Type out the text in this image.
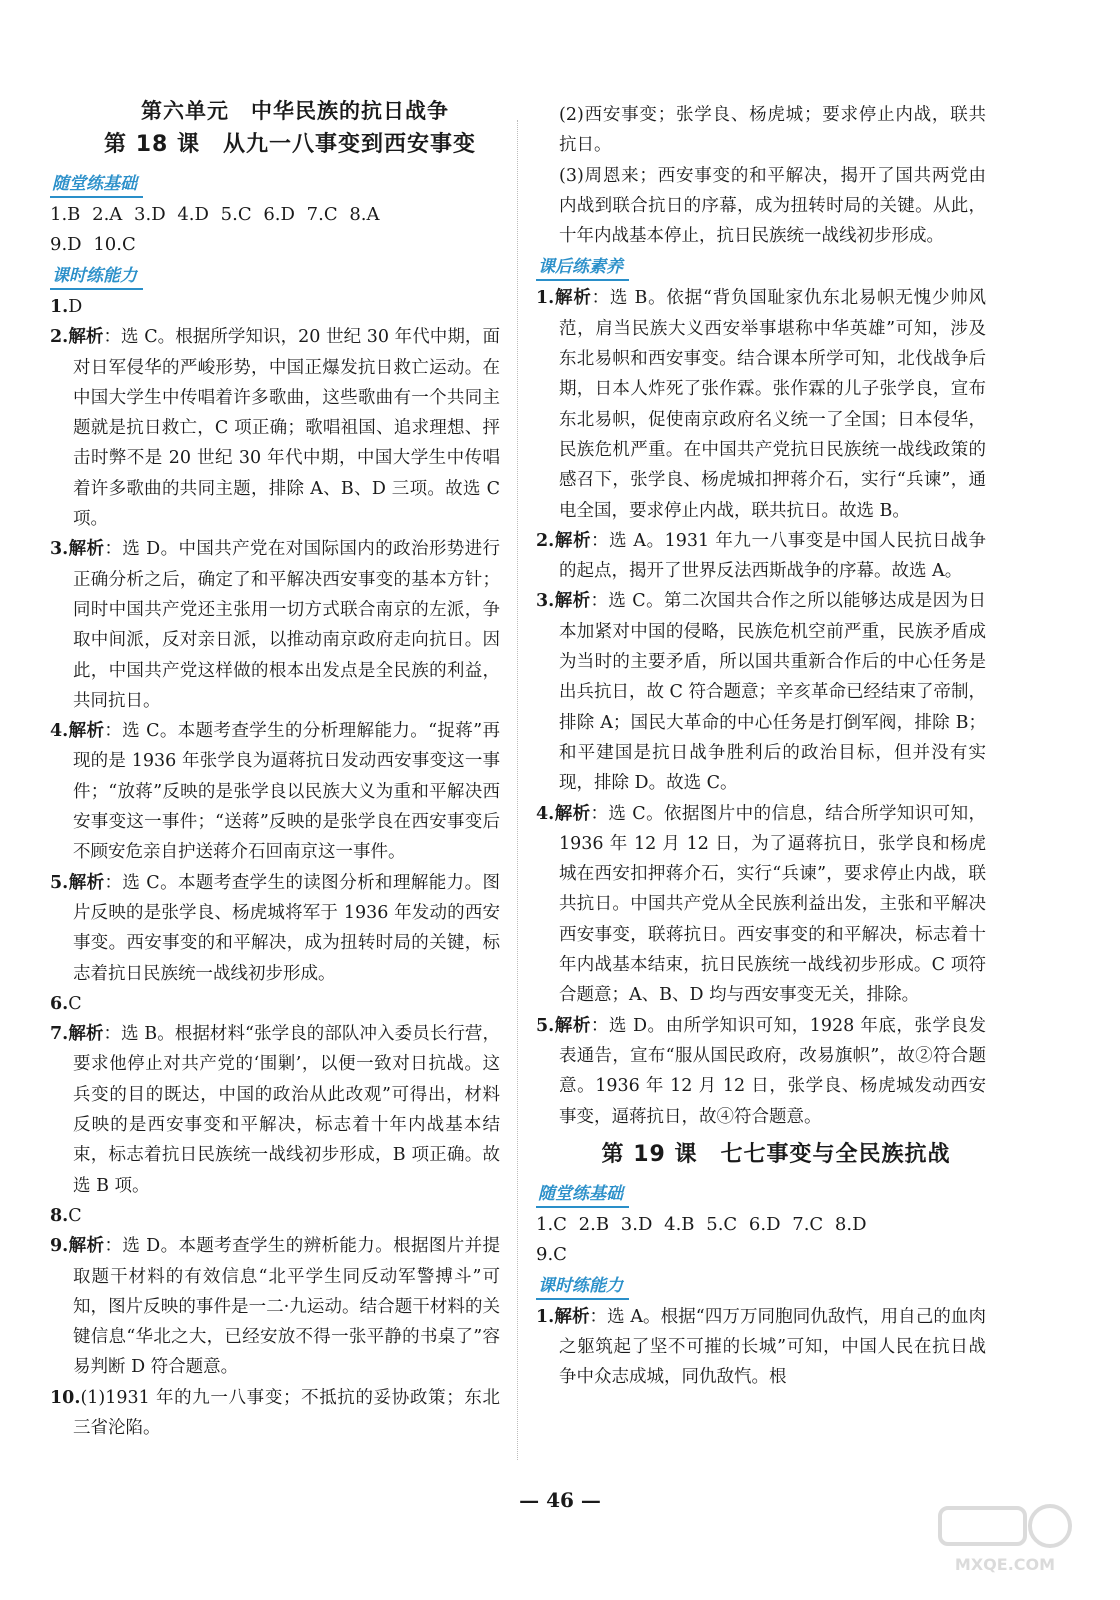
第六单元　中华民族的抗日战争
第 18 课　从九一八事变到西安事变
随堂练基础
1.B 2.A 3.D 4.D 5.C 6.D 7.C 8.A
9.D 10.C
课时练能力
1.D
2.解析：选 C。根据所学知识，20 世纪 30 年代中期，面对日军侵华的严峻形势，中国正爆发抗日救亡运动。在中国大学生中传唱着许多歌曲，这些歌曲有一个共同主题就是抗日救亡，C 项正确；歌唱祖国、追求理想、抨击时弊不是 20 世纪 30 年代中期，中国大学生中传唱着许多歌曲的共同主题，排除 A、B、D 三项。故选 C 项。
3.解析：选 D。中国共产党在对国际国内的政治形势进行正确分析之后，确定了和平解决西安事变的基本方针；同时中国共产党还主张用一切方式联合南京的左派，争取中间派，反对亲日派，以推动南京政府走向抗日。因此，中国共产党这样做的根本出发点是全民族的利益，共同抗日。
4.解析：选 C。本题考查学生的分析理解能力。“捉蒋”再现的是 1936 年张学良为逼蒋抗日发动西安事变这一事件；“放蒋”反映的是张学良以民族大义为重和平解决西安事变这一事件；“送蒋”反映的是张学良在西安事变后不顾安危亲自护送蒋介石回南京这一事件。
5.解析：选 C。本题考查学生的读图分析和理解能力。图片反映的是张学良、杨虎城将军于 1936 年发动的西安事变。西安事变的和平解决，成为扭转时局的关键，标志着抗日民族统一战线初步形成。
6.C
7.解析：选 B。根据材料“张学良的部队冲入委员长行营，要求他停止对共产党的‘围剿’，以便一致对日抗战。这兵变的目的既达，中国的政治从此改观”可得出，材料反映的是西安事变和平解决，标志着十年内战基本结束，标志着抗日民族统一战线初步形成，B 项正确。故选 B 项。
8.C
9.解析：选 D。本题考查学生的辨析能力。根据图片并提取题干材料的有效信息“北平学生同反动军警搏斗”可知，图片反映的事件是一二·九运动。结合题干材料的关键信息“华北之大，已经安放不得一张平静的书桌了”容易判断 D 符合题意。
10.(1)1931 年的九一八事变；不抵抗的妥协政策；东北三省沦陷。
(2)西安事变；张学良、杨虎城；要求停止内战，联共抗日。
(3)周恩来；西安事变的和平解决，揭开了国共两党由内战到联合抗日的序幕，成为扭转时局的关键。从此，十年内战基本停止，抗日民族统一战线初步形成。
课后练素养
1.解析：选 B。依据“背负国耻家仇东北易帜无愧少帅风范，肩当民族大义西安举事堪称中华英雄”可知，涉及东北易帜和西安事变。结合课本所学可知，北伐战争后期，日本人炸死了张作霖。张作霖的儿子张学良，宣布东北易帜，促使南京政府名义统一了全国；日本侵华，民族危机严重。在中国共产党抗日民族统一战线政策的感召下，张学良、杨虎城扣押蒋介石，实行“兵谏”，通电全国，要求停止内战，联共抗日。故选 B。
2.解析：选 A。1931 年九一八事变是中国人民抗日战争的起点，揭开了世界反法西斯战争的序幕。故选 A。
3.解析：选 C。第二次国共合作之所以能够达成是因为日本加紧对中国的侵略，民族危机空前严重，民族矛盾成为当时的主要矛盾，所以国共重新合作后的中心任务是出兵抗日，故 C 符合题意；辛亥革命已经结束了帝制，排除 A；国民大革命的中心任务是打倒军阀，排除 B；和平建国是抗日战争胜利后的政治目标，但并没有实现，排除 D。故选 C。
4.解析：选 C。依据图片中的信息，结合所学知识可知，1936 年 12 月 12 日，为了逼蒋抗日，张学良和杨虎城在西安扣押蒋介石，实行“兵谏”，要求停止内战，联共抗日。中国共产党从全民族利益出发，主张和平解决西安事变，联蒋抗日。西安事变的和平解决，标志着十年内战基本结束，抗日民族统一战线初步形成。C 项符合题意；A、B、D 均与西安事变无关，排除。
5.解析：选 D。由所学知识可知，1928 年底，张学良发表通告，宣布“服从国民政府，改易旗帜”，故②符合题意。1936 年 12 月 12 日，张学良、杨虎城发动西安事变，逼蒋抗日，故④符合题意。
第 19 课　七七事变与全民族抗战
随堂练基础
1.C 2.B 3.D 4.B 5.C 6.D 7.C 8.D
9.C
课时练能力
1.解析：选 A。根据“四万万同胞同仇敌忾，用自己的血肉之躯筑起了坚不可摧的长城”可知，中国人民在抗日战争中众志成城，同仇敌忾。根
— 46 —
MXQE.COM
